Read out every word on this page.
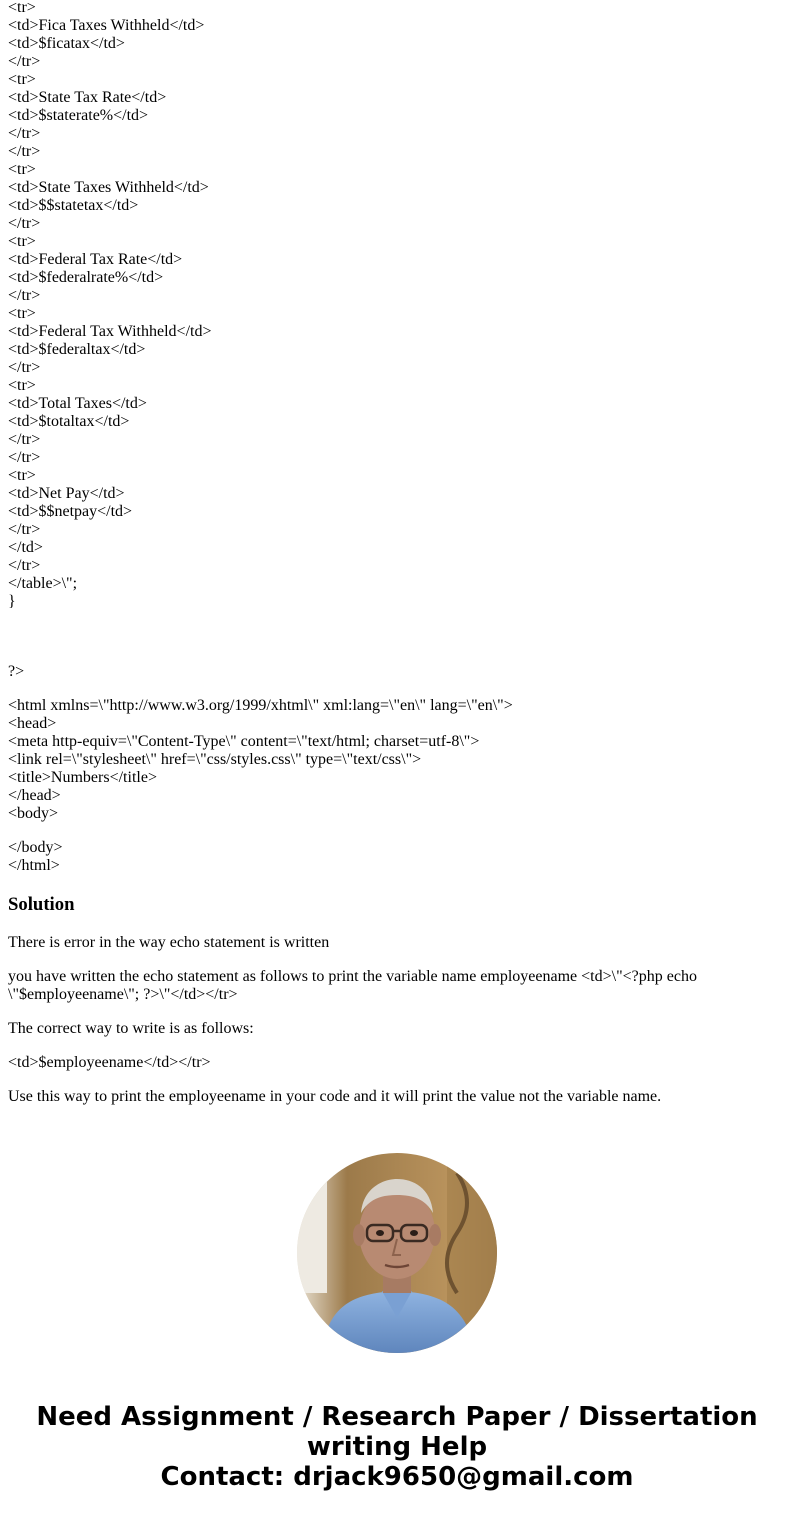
<tr>
<td>Fica Taxes Withheld</td>
<td>$ficatax</td>
</tr>
<tr>
<td>State Tax Rate</td>
<td>$staterate%</td>
</tr>
</tr>
<tr>
<td>State Taxes Withheld</td>
<td>$$statetax</td>
</tr>
<tr>
<td>Federal Tax Rate</td>
<td>$federalrate%</td>
</tr>
<tr>
<td>Federal Tax Withheld</td>
<td>$federaltax</td>
</tr>
<tr>
<td>Total Taxes</td>
<td>$totaltax</td>
</tr>
</tr>
<tr>
<td>Net Pay</td>
<td>$$netpay</td>
</tr>
</td>
</tr>
</table>\";
}
?>
<html xmlns=\"http://www.w3.org/1999/xhtml\" xml:lang=\"en\" lang=\"en\">
<head>
<meta http-equiv=\"Content-Type\" content=\"text/html; charset=utf-8\">
<link rel=\"stylesheet\" href=\"css/styles.css\" type=\"text/css\">
<title>Numbers</title>
</head>
<body>
</body>
</html>
Solution

There is error in the way echo statement is written

you have written the echo statement as follows to print the variable name employeename <td>\"<?php echo \"$employeename\"; ?>\"</td></tr>

The correct way to write is as follows:

<td>$employeename</td></tr>

Use this way to print the employeename in your code and it will print the value not the variable name.

Need Assignment / Research Paper / Dissertation
writing Help
Contact: drjack9650@gmail.com
